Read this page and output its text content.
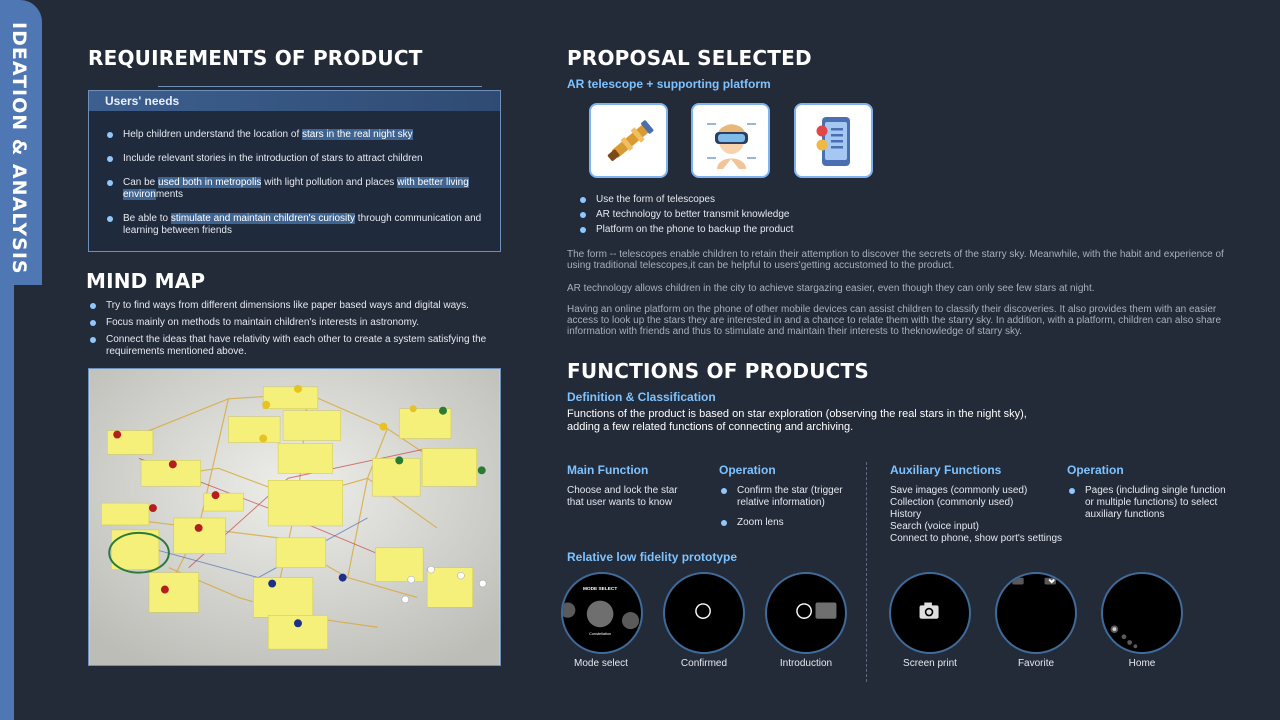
IDEATION & ANALYSIS	REQUIREMENTS OF PRODUCT
Users' needs
Help children understand the location of stars in the real night sky
Include relevant stories in the introduction of stars to attract children
Can be used both in metropolis with light pollution and places with better living environments
Be able to stimulate and maintain children's curiosity through communication and learning between friends
MIND MAP
Try to find ways from different dimensions like paper based ways and digital ways.
Focus mainly on methods to maintain children's interests in astronomy.
Connect the ideas that have relativity with each other to create a system satisfying the requirements mentioned above.
PROPOSAL SELECTED
AR telescope + supporting platform
Use the form of telescopes
AR technology to better transmit knowledge
Platform on the phone to backup the product

The form -- telescopes enable children to retain their attemption to discover the secrets of the starry sky. Meanwhile, with the habit and experience of using traditional telescopes,it can be helpful to users'getting accustomed to the product.

AR technology allows children in the city to achieve stargazing easier, even though they can only see few stars at night.

Having an online platform on the phone of other mobile devices can assist children to classify their discoveries. It also provides them with an easier access to look up the stars they are interested in and a chance to relate them with the starry sky. In addition, with a platform, children can also share information with friends and thus to stimulate and maintain their interests to theknowledge of starry sky.

FUNCTIONS OF PRODUCTS
Definition & Classification
Functions of the product is based on star exploration (observing the real stars in the night sky), adding a few related functions of connecting and archiving.
Main Function
Choose and lock the star
that user wants to know
Operation
Confirm the star (trigger relative information)
Zoom lens
Auxiliary Functions
Save images (commonly used)
Collection (commonly used)
History
Search (voice input)
Connect to phone, show port's settings
Operation
Pages (including single function or multiple functions) to select auxiliary functions
Relative low fidelity prototype
MODE SELECT
Constellation
Mode select	Confirmed	Introduction	Screen print	Favorite	Home
